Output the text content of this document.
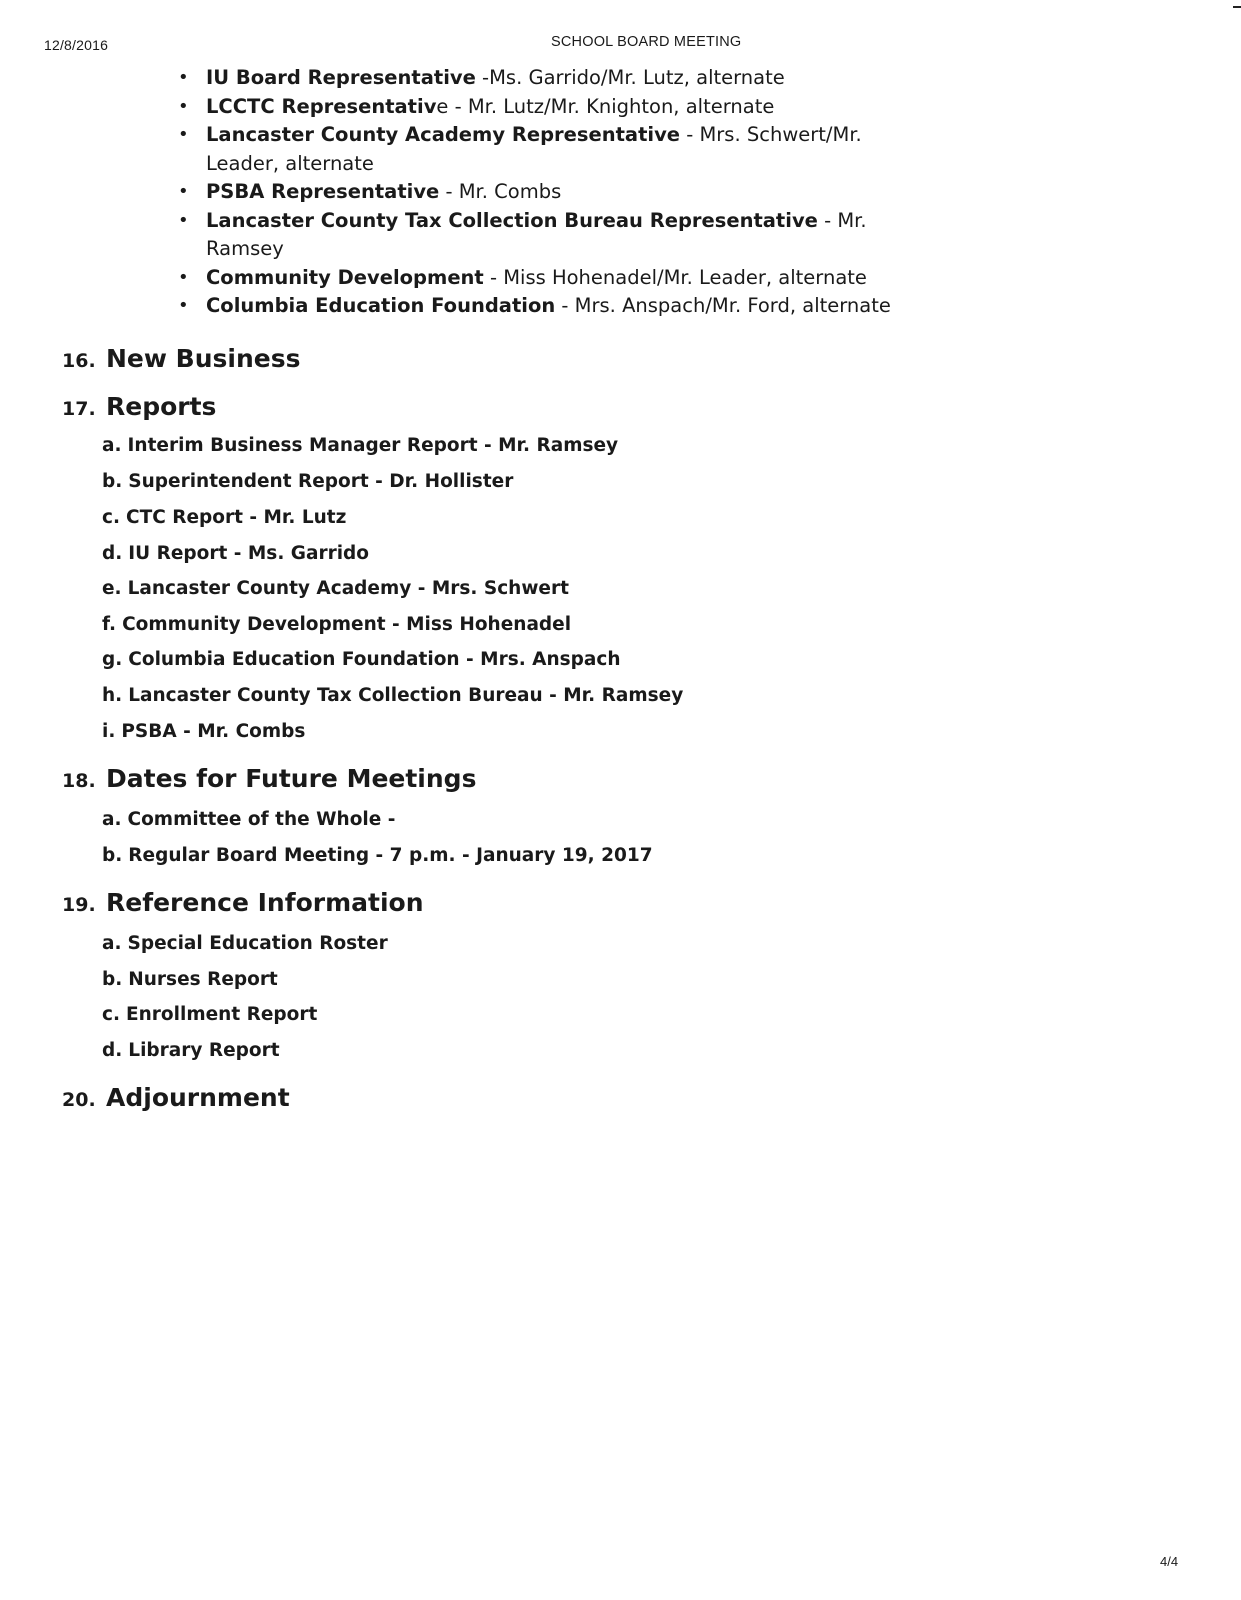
12/8/2016	SCHOOL BOARD MEETING
• IU Board Representative -Ms. Garrido/Mr. Lutz, alternate
• LCCTC Representative - Mr. Lutz/Mr. Knighton, alternate
• Lancaster County Academy Representative - Mrs. Schwert/Mr. Leader, alternate
• PSBA Representative - Mr. Combs
• Lancaster County Tax Collection Bureau Representative - Mr. Ramsey
• Community Development - Miss Hohenadel/Mr. Leader, alternate
• Columbia Education Foundation - Mrs. Anspach/Mr. Ford, alternate
16. New Business
17. Reports
a. Interim Business Manager Report - Mr. Ramsey
b. Superintendent Report - Dr. Hollister
c. CTC Report - Mr. Lutz
d. IU Report - Ms. Garrido
e. Lancaster County Academy - Mrs. Schwert
f. Community Development - Miss Hohenadel
g. Columbia Education Foundation - Mrs. Anspach
h. Lancaster County Tax Collection Bureau - Mr. Ramsey
i. PSBA - Mr. Combs
18. Dates for Future Meetings
a. Committee of the Whole -
b. Regular Board Meeting - 7 p.m. - January 19, 2017
19. Reference Information
a. Special Education Roster
b. Nurses Report
c. Enrollment Report
d. Library Report
20. Adjournment
4/4
